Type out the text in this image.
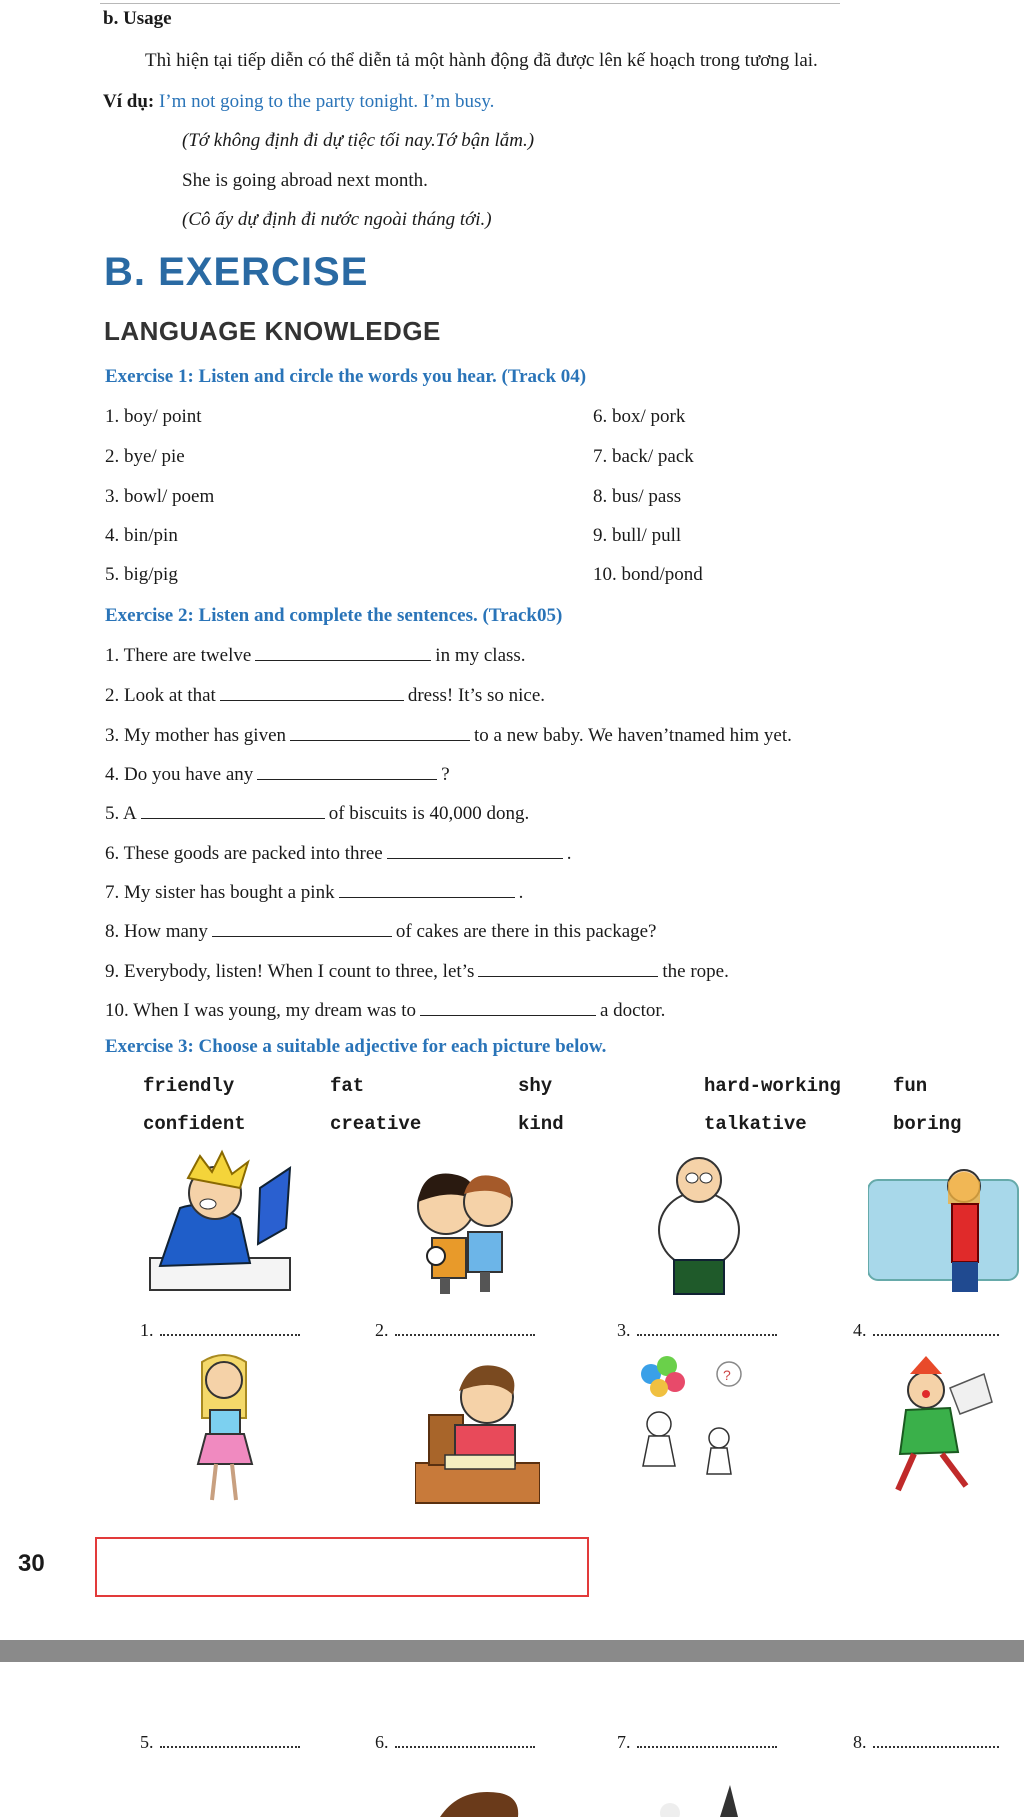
b. Usage
Thì hiện tại tiếp diễn có thể diễn tả một hành động đã được lên kế hoạch trong tương lai.
Ví dụ: I’m not going to the party tonight. I’m busy.
(Tớ không định đi dự tiệc tối nay.Tớ bận lắm.)
She is going abroad next month.
(Cô ấy dự định đi nước ngoài tháng tới.)
B. EXERCISE
LANGUAGE KNOWLEDGE
Exercise 1: Listen and circle the words you hear. (Track 04)
1. boy/ point
2. bye/ pie
3. bowl/ poem
4. bin/pin
5. big/pig
6. box/ pork
7. back/ pack
8. bus/ pass
9. bull/ pull
10. bond/pond
Exercise 2: Listen and complete the sentences. (Track05)
1. There are twelve	in my class.
2. Look at that	dress! It’s so nice.
3. My mother has given	to a new baby. We haven’tnamed him yet.
4. Do you have any	?
5. A	of biscuits is 40,000 dong.
6. These goods are packed into three	.
7. My sister has bought a pink	.
8. How many	of cakes are there in this package?
9. Everybody, listen! When I count to three, let’s	the rope.
10. When I was young, my dream was to	a doctor.
Exercise 3: Choose a suitable adjective for each picture below.
friendly	fat	shy	hard-working	fun
confident	creative	kind	talkative	boring
1.	2.	3.	4.
?
30
5.	6.	7.	8.
